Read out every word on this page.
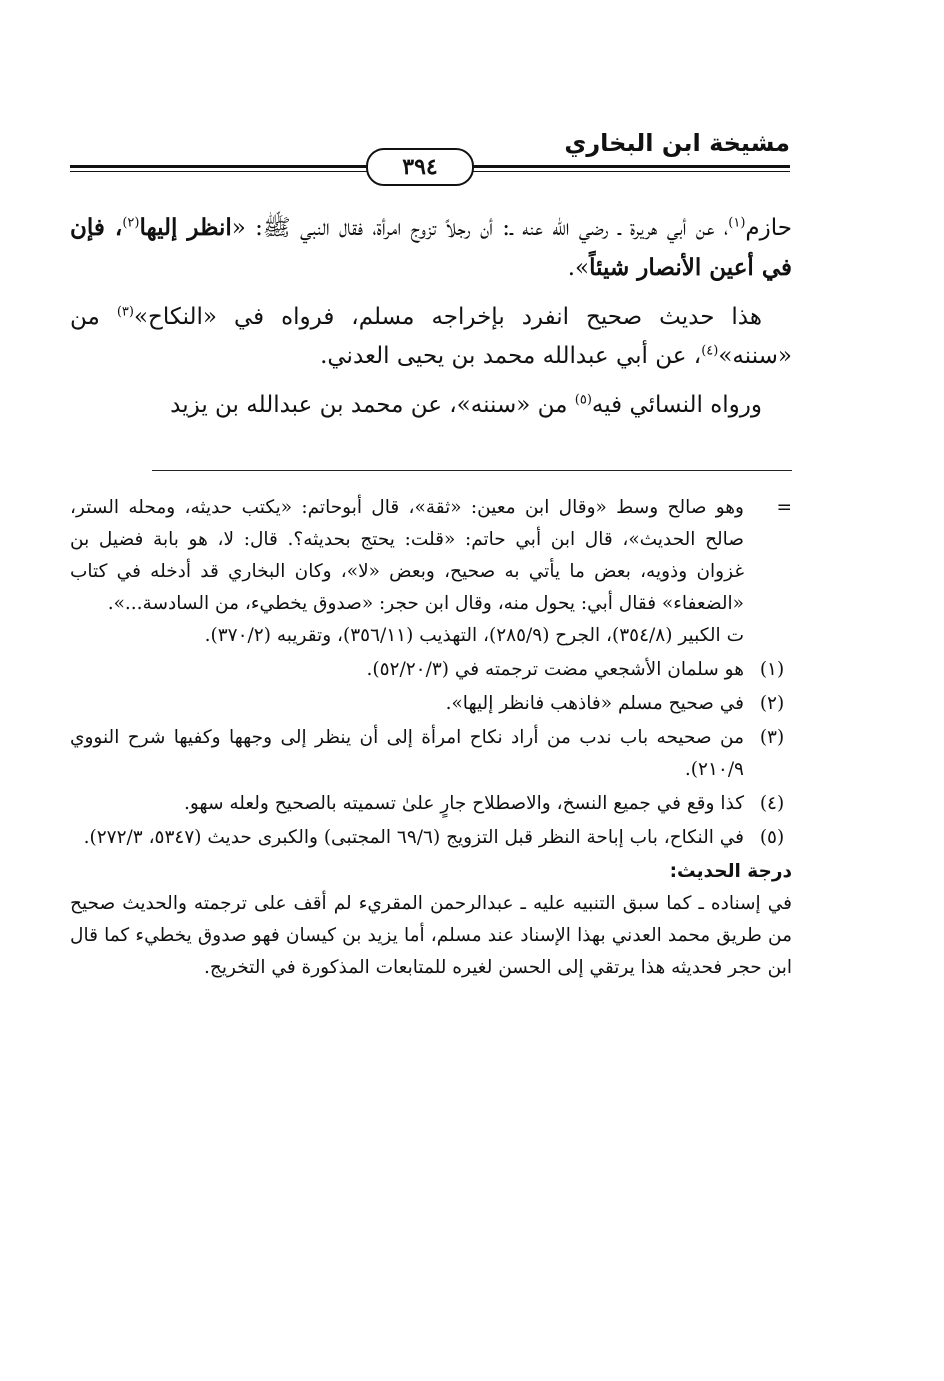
مشيخة ابن البخاري
٣٩٤

حازم$^{(١)}$، عن أبي هريرة ـ رضي الله عنه ـ: أن رجلاً تزوج امرأة، فقال النبي ﷺ: «انظر إليها$^{(٢)}$، فإن في أعين الأنصار شيئاً».

هذا حديث صحيح انفرد بإخراجه مسلم، فرواه في «النكاح»$^{(٣)}$ من «سننه»$^{(٤)}$، عن أبي عبدالله محمد بن يحيى العدني.

ورواه النسائي فيه$^{(٥)}$ من «سننه»، عن محمد بن عبدالله بن يزيد

=

وهو صالح وسط «وقال ابن معين: «ثقة»، قال أبوحاتم: «يكتب حديثه، ومحله الستر، صالح الحديث»، قال ابن أبي حاتم: «قلت: يحتج بحديثه؟. قال: لا، هو بابة فضيل بن غزوان وذويه، بعض ما يأتي به صحيح، وبعض «لا»، وكان البخاري قد أدخله في كتاب «الضعفاء» فقال أبي: يحول منه، وقال ابن حجر: «صدوق يخطيء، من السادسة...».

ت الكبير (٣٥٤/٨)، الجرح (٢٨٥/٩)، التهذيب (٣٥٦/١١)، وتقريبه (٣٧٠/٢).

(١)
هو سلمان الأشجعي مضت ترجمته في (٥٢/٢٠/٣).
(٢)
في صحيح مسلم «فاذهب فانظر إليها».
(٣)
من صحيحه باب ندب من أراد نكاح امرأة إلى أن ينظر إلى وجهها وكفيها شرح النووي ٢١٠/٩).
(٤)
كذا وقع في جميع النسخ، والاصطلاح جارٍ علىٰ تسميته بالصحيح ولعله سهو.
(٥)
في النكاح، باب إباحة النظر قبل التزويج (٦٩/٦ المجتبى) والكبرى حديث (٥٣٤٧، ٢٧٢/٣).
درجة الحديث:

في إسناده ـ كما سبق التنبيه عليه ـ عبدالرحمن المقريء لم أقف على ترجمته والحديث صحيح من طريق محمد العدني بهذا الإسناد عند مسلم، أما يزيد بن كيسان فهو صدوق يخطيء كما قال ابن حجر فحديثه هذا يرتقي إلى الحسن لغيره للمتابعات المذكورة في التخريج.
